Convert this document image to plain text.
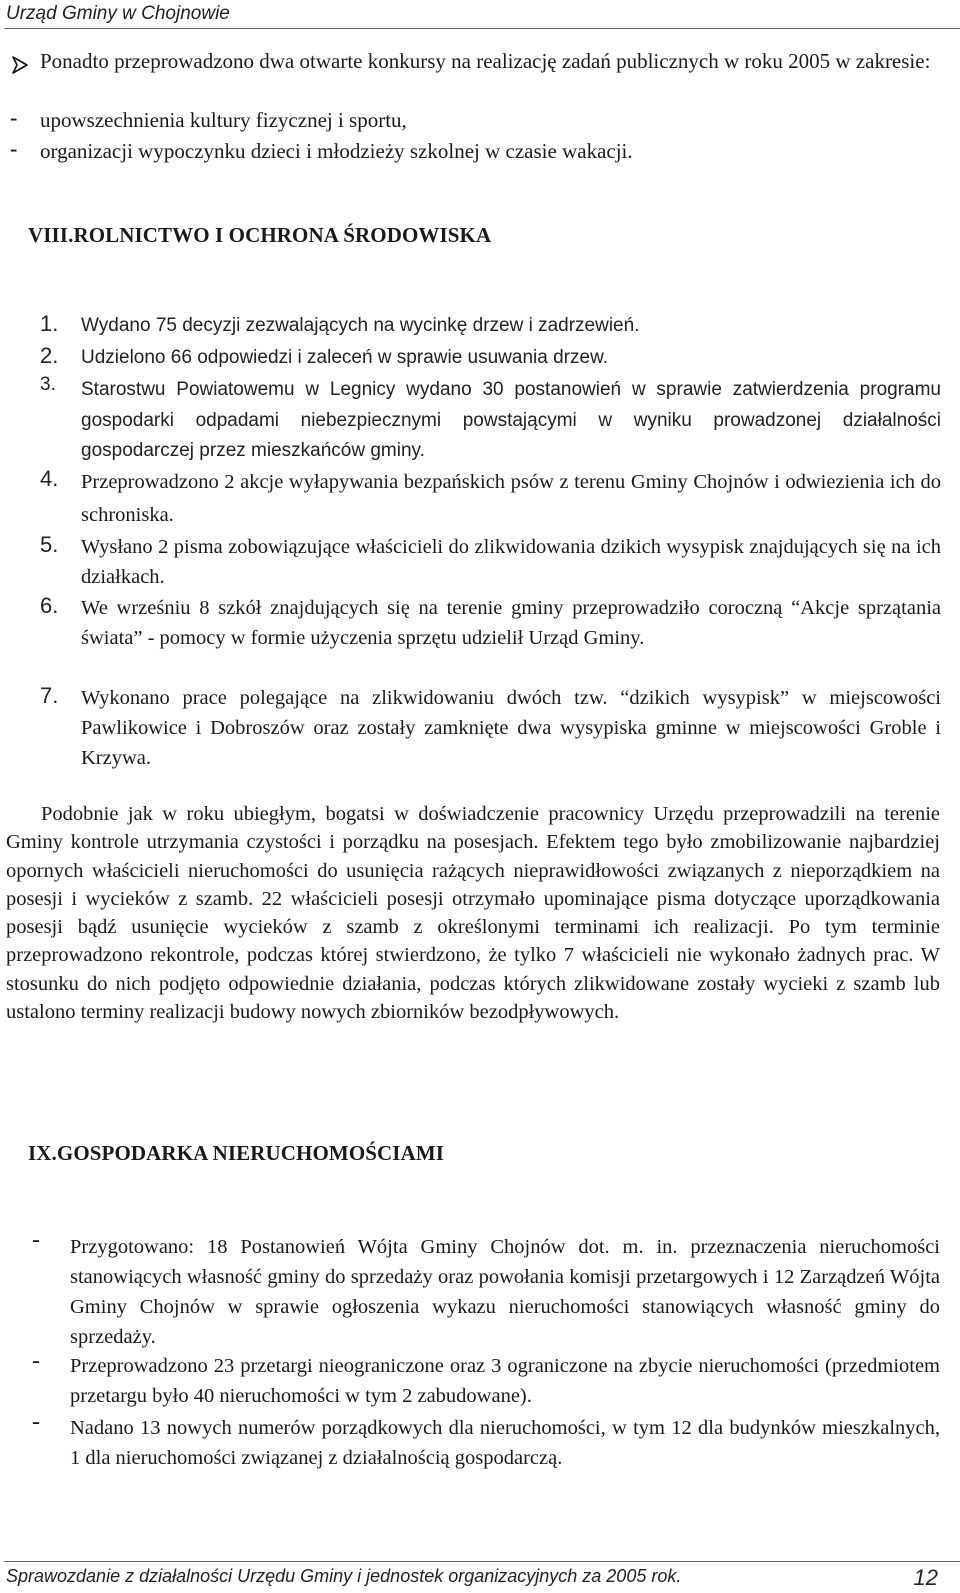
Urząd Gminy w Chojnowie
Ponadto przeprowadzono dwa otwarte konkursy na realizację zadań publicznych w roku 2005 w zakresie:
- upowszechnienia kultury fizycznej i sportu,
- organizacji wypoczynku dzieci i młodzieży szkolnej w czasie wakacji.
VIII.ROLNICTWO I OCHRONA ŚRODOWISKA
1. Wydano 75 decyzji zezwalających na wycinkę drzew i zadrzewień.
2. Udzielono 66 odpowiedzi i zaleceń w sprawie usuwania drzew.
3. Starostwu Powiatowemu w Legnicy wydano 30 postanowień w sprawie zatwierdzenia programu gospodarki odpadami niebezpiecznymi powstającymi w wyniku prowadzonej działalności gospodarczej przez mieszkańców gminy.
4. Przeprowadzono 2 akcje wyłapywania bezpańskich psów z terenu Gminy Chojnów i odwiezienia ich do schroniska.
5. Wysłano 2 pisma zobowiązujące właścicieli do zlikwidowania dzikich wysypisk znajdujących się na ich działkach.
6. We wrześniu 8 szkół znajdujących się na terenie gminy przeprowadziło coroczną “Akcje sprzątania świata” - pomocy w formie użyczenia sprzętu udzielił Urząd Gminy.
7. Wykonano prace polegające na zlikwidowaniu dwóch tzw. “dzikich wysypisk” w miejscowości Pawlikowice i Dobroszów oraz zostały zamknięte dwa wysypiska gminne w miejscowości Groble i Krzywa.
Podobnie jak w roku ubiegłym, bogatsi w doświadczenie pracownicy Urzędu przeprowadzili na terenie Gminy kontrole utrzymania czystości i porządku na posesjach. Efektem tego było zmobilizowanie najbardziej opornych właścicieli nieruchomości do usunięcia rażących nieprawidłowości związanych z nieporządkiem na posesji i wycieków z szamb. 22 właścicieli posesji otrzymało upominające pisma dotyczące uporządkowania posesji bądź usunięcie wycieków z szamb z określonymi terminami ich realizacji. Po tym terminie przeprowadzono rekontrole, podczas której stwierdzono, że tylko 7 właścicieli nie wykonało żadnych prac. W stosunku do nich podjęto odpowiednie działania, podczas których zlikwidowane zostały wycieki z szamb lub ustalono terminy realizacji budowy nowych zbiorników bezodpływowych.
IX.GOSPODARKA NIERUCHOMOŚCIAMI
- Przygotowano: 18 Postanowień Wójta Gminy Chojnów dot. m. in. przeznaczenia nieruchomości stanowiących własność gminy do sprzedaży oraz powołania komisji przetargowych i 12 Zarządzeń Wójta Gminy Chojnów w sprawie ogłoszenia wykazu nieruchomości stanowiących własność gminy do sprzedaży.
- Przeprowadzono 23 przetargi nieograniczone oraz 3 ograniczone na zbycie nieruchomości (przedmiotem przetargu było 40 nieruchomości w tym 2 zabudowane).
- Nadano 13 nowych numerów porządkowych dla nieruchomości, w tym 12 dla budynków mieszkalnych, 1 dla nieruchomości związanej z działalnością gospodarczą.
Sprawozdanie z działalności Urzędu Gminy i jednostek organizacyjnych za 2005 rok.	12
